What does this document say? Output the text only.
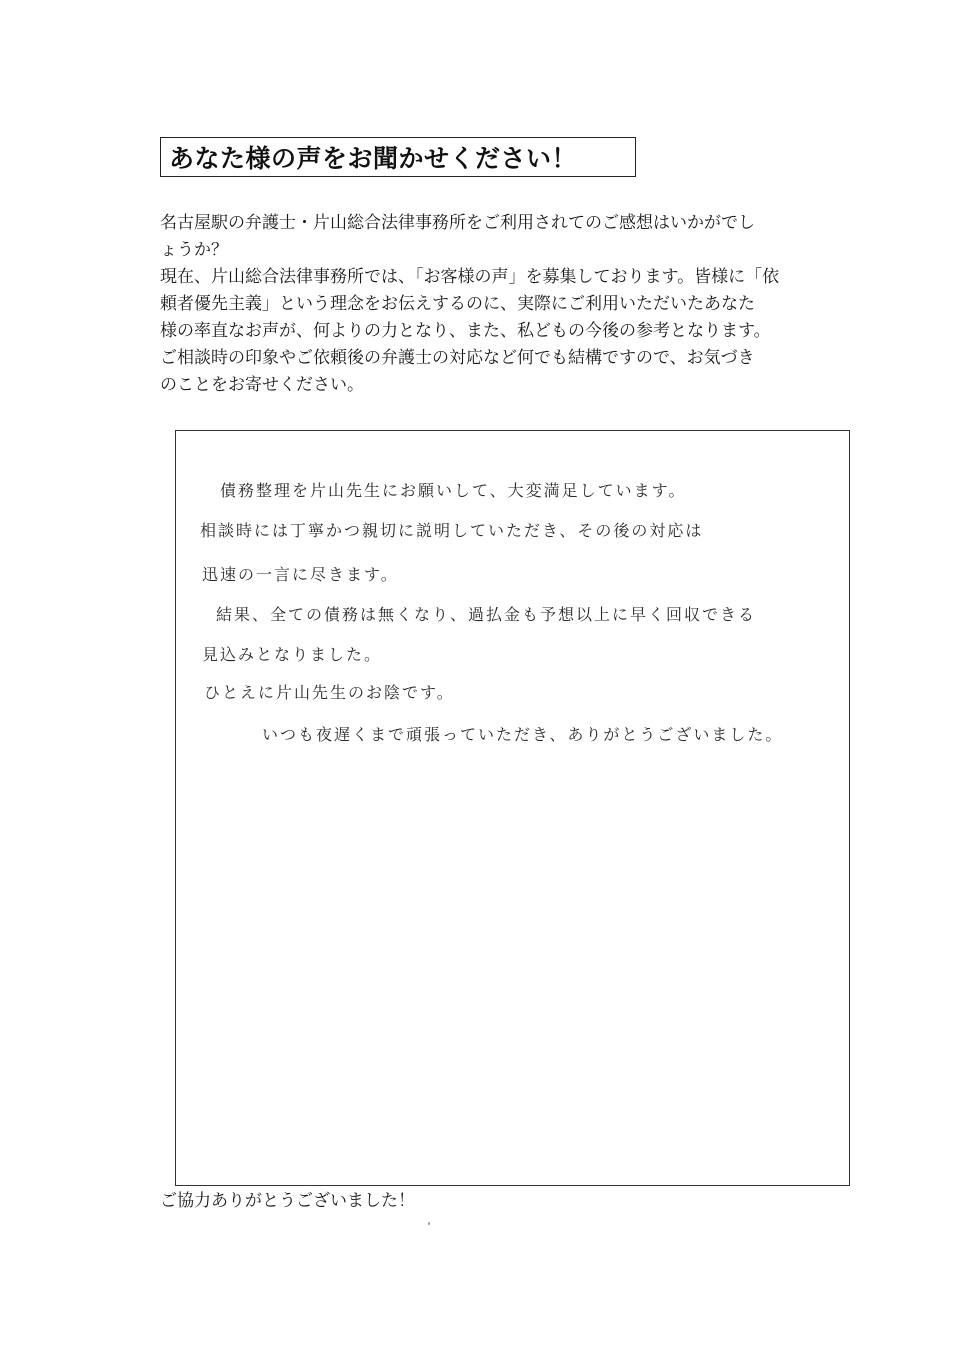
あなた様の声をお聞かせください！

名古屋駅の弁護士・片山総合法律事務所をご利用されてのご感想はいかがでし

ょうか？

現在、片山総合法律事務所では、「お客様の声」を募集しております。皆様に「依

頼者優先主義」という理念をお伝えするのに、実際にご利用いただいたあなた

様の率直なお声が、何よりの力となり、また、私どもの今後の参考となります。

ご相談時の印象やご依頼後の弁護士の対応など何でも結構ですので、お気づき

のことをお寄せください。

債務整理を片山先生にお願いして、大変満足しています。
相談時には丁寧かつ親切に説明していただき、その後の対応は
迅速の一言に尽きます。
結果、全ての債務は無くなり、過払金も予想以上に早く回収できる
見込みとなりました。
ひとえに片山先生のお陰です。
いつも夜遅くまで頑張っていただき、ありがとうございました。
ご協力ありがとうございました！
